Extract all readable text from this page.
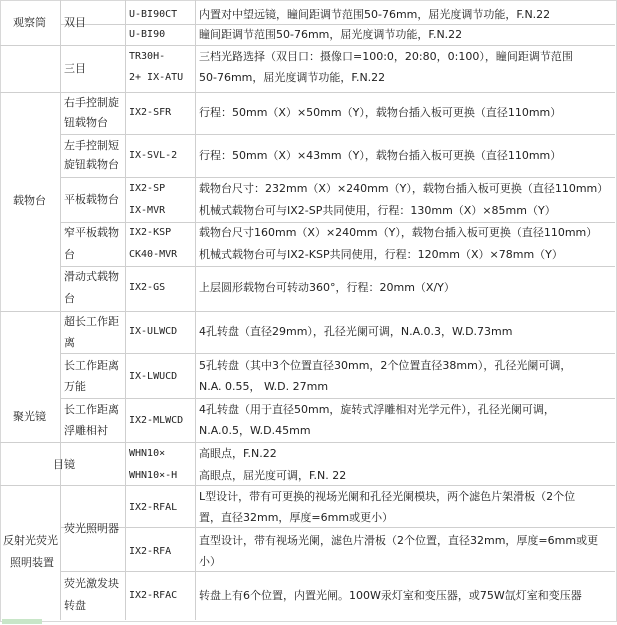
观察筒
载物台
聚光镜
目镜
反射光荧光
照明装置
双目
三目
右手控制旋
钮载物台
左手控制短
旋钮载物台
平板载物台
窄平板载物
台
滑动式载物
台
超长工作距
离
长工作距离
万能
长工作距离
浮雕相衬
荧光照明器
荧光激发块
转盘
U-BI90CT
U-BI90
TR30H-
2+ IX-ATU
IX2-SFR
IX-SVL-2
IX2-SP
IX-MVR
IX2-KSP
CK40-MVR
IX2-GS
IX-ULWCD
IX-LWUCD
IX2-MLWCD
WHN10×
WHN10×-H
IX2-RFAL
IX2-RFA
IX2-RFAC
内置对中望远镜，瞳间距调节范围50-76mm，屈光度调节功能，F.N.22
瞳间距调节范围50-76mm，屈光度调节功能，F.N.22
三档光路选择（双目口：摄像口=100:0，20:80，0:100），瞳间距调节范围
50-76mm，屈光度调节功能，F.N.22
行程：50mm（X）×50mm（Y），载物台插入板可更换（直径110mm）
行程：50mm（X）×43mm（Y），载物台插入板可更换（直径110mm）
载物台尺寸：232mm（X）×240mm（Y），载物台插入板可更换（直径110mm）
机械式载物台可与IX2-SP共同使用，行程：130mm（X）×85mm（Y）
载物台尺寸160mm（X）×240mm（Y），载物台插入板可更换（直径110mm）
机械式载物台可与IX2-KSP共同使用，行程：120mm（X）×78mm（Y）
上层圆形载物台可转动360°，行程：20mm（X/Y）
4孔转盘（直径29mm），孔径光阑可调，N.A.0.3，W.D.73mm
5孔转盘（其中3个位置直径30mm，2个位置直径38mm），孔径光阑可调，
N.A. 0.55， W.D. 27mm
4孔转盘（用于直径50mm，旋转式浮雕相对光学元件），孔径光阑可调，
N.A.0.5，W.D.45mm
高眼点，F.N.22
高眼点，屈光度可调，F.N. 22
L型设计，带有可更换的视场光阑和孔径光阑模块，两个滤色片架滑板（2个位
置，直径32mm，厚度=6mm或更小）
直型设计，带有视场光阑，滤色片滑板（2个位置，直径32mm，厚度=6mm或更
小）
转盘上有6个位置，内置光闸。100W汞灯室和变压器，或75W氙灯室和变压器
